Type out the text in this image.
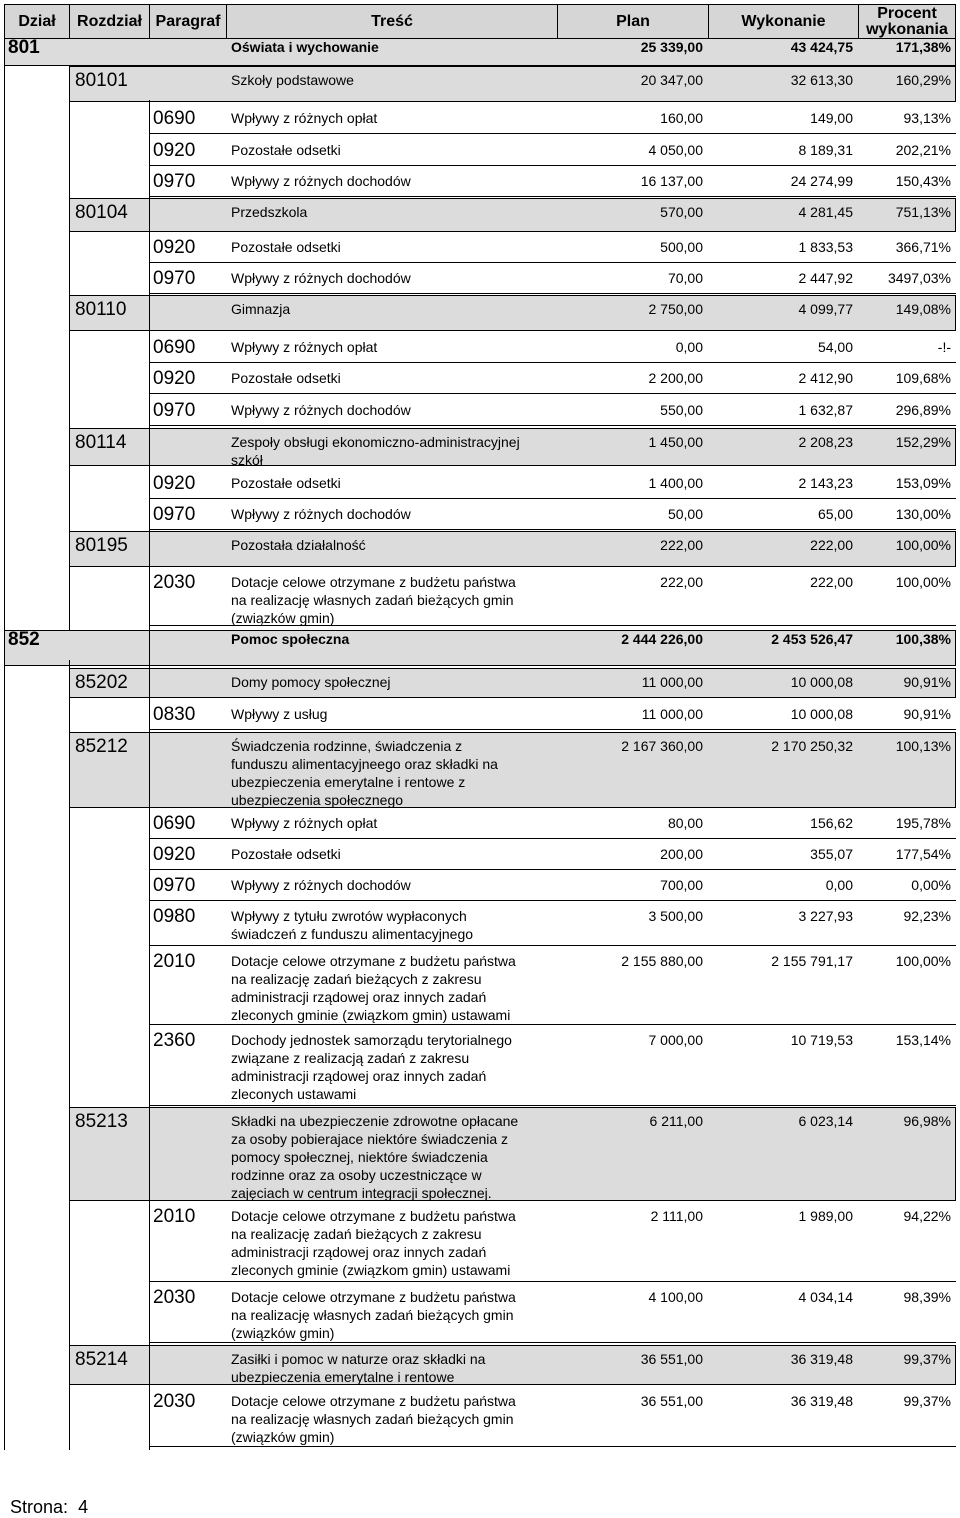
Dział	Rozdział Paragraf	Treść	Plan	Wykonanie	Procent
wykonania
801	Oświata i wychowanie	25 339,00	43 424,75	171,38%
80101	Szkoły podstawowe	20 347,00	32 613,30	160,29%
0690	Wpływy z różnych opłat	160,00	149,00	93,13%
0920	Pozostałe odsetki	4 050,00	8 189,31	202,21%
0970	Wpływy z różnych dochodów	16 137,00	24 274,99	150,43%
80104	Przedszkola	570,00	4 281,45	751,13%
0920	Pozostałe odsetki	500,00	1 833,53	366,71%
0970	Wpływy z różnych dochodów	70,00	2 447,92	3497,03%
80110	Gimnazja	2 750,00	4 099,77	149,08%
0690	Wpływy z różnych opłat	0,00	54,00	-!-
0920	Pozostałe odsetki	2 200,00	2 412,90	109,68%
0970	Wpływy z różnych dochodów	550,00	1 632,87	296,89%
80114	Zespoły obsługi ekonomiczno-administracyjnej
szkół
1 450,00	2 208,23	152,29%
0920	Pozostałe odsetki	1 400,00	2 143,23	153,09%
0970	Wpływy z różnych dochodów	50,00	65,00	130,00%
80195	Pozostała działalność	222,00	222,00	100,00%
2030	Dotacje celowe otrzymane z budżetu państwa
na realizację własnych zadań bieżących gmin
(związków gmin)
222,00	222,00	100,00%
852	Pomoc społeczna	2 444 226,00	2 453 526,47	100,38%
85202	Domy pomocy społecznej	11 000,00	10 000,08	90,91%
0830	Wpływy z usług	11 000,00	10 000,08	90,91%
85212	Świadczenia rodzinne, świadczenia z
funduszu alimentacyjneego oraz składki na
ubezpieczenia emerytalne i rentowe z
ubezpieczenia społecznego
2 167 360,00	2 170 250,32	100,13%
0690	Wpływy z różnych opłat	80,00	156,62	195,78%
0920	Pozostałe odsetki	200,00	355,07	177,54%
0970	Wpływy z różnych dochodów	700,00	0,00	0,00%
0980	Wpływy z tytułu zwrotów wypłaconych
świadczeń z funduszu alimentacyjnego
3 500,00	3 227,93	92,23%
2010	Dotacje celowe otrzymane z budżetu państwa
na realizację zadań bieżących z zakresu
administracji rządowej oraz innych zadań
zleconych gminie (związkom gmin) ustawami
2 155 880,00	2 155 791,17	100,00%
2360	Dochody jednostek samorządu terytorialnego
związane z realizacją zadań z zakresu
administracji rządowej oraz innych zadań
zleconych ustawami
7 000,00	10 719,53	153,14%
85213	Składki na ubezpieczenie zdrowotne opłacane
za osoby pobierajace niektóre świadczenia z
pomocy społecznej, niektóre świadczenia
rodzinne oraz za osoby uczestniczące w
zajęciach w centrum integracji społecznej.
6 211,00	6 023,14	96,98%
2010	Dotacje celowe otrzymane z budżetu państwa
na realizację zadań bieżących z zakresu
administracji rządowej oraz innych zadań
zleconych gminie (związkom gmin) ustawami
2 111,00	1 989,00	94,22%
2030	Dotacje celowe otrzymane z budżetu państwa
na realizację własnych zadań bieżących gmin
(związków gmin)
4 100,00	4 034,14	98,39%
85214	Zasiłki i pomoc w naturze oraz składki na
ubezpieczenia emerytalne i rentowe
36 551,00	36 319,48	99,37%
2030	Dotacje celowe otrzymane z budżetu państwa
na realizację własnych zadań bieżących gmin
(związków gmin)
36 551,00	36 319,48	99,37%
Strona: 4
